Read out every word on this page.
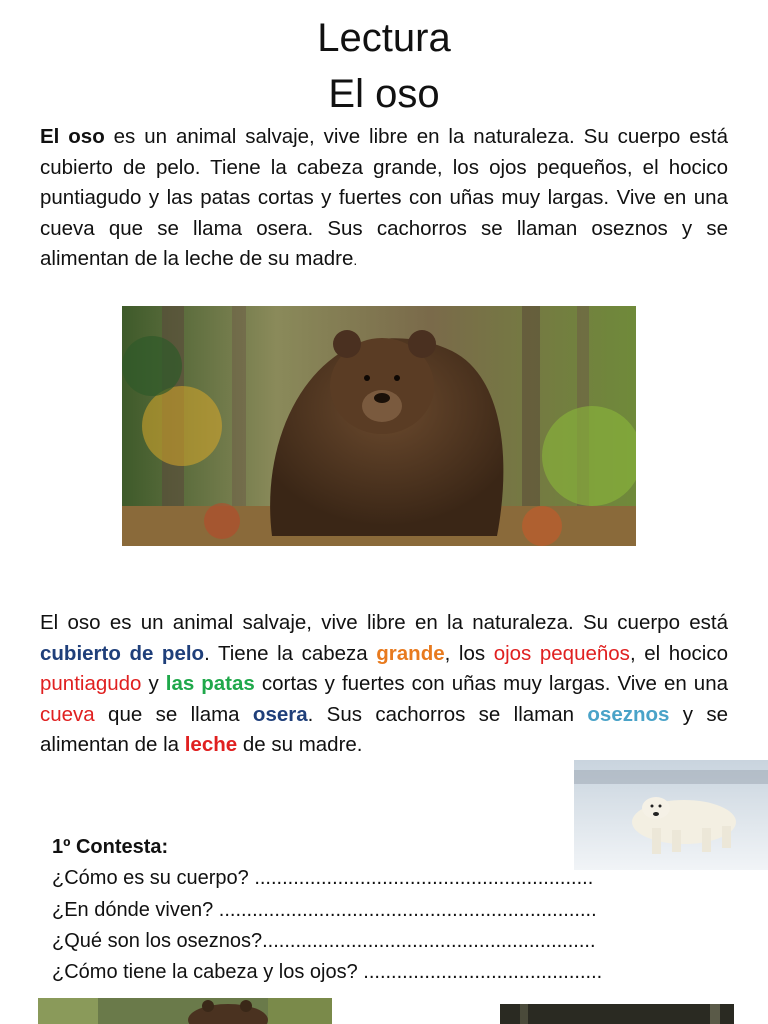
Lectura
El oso
El oso es un animal salvaje, vive libre en la naturaleza. Su cuerpo está cubierto de pelo. Tiene la cabeza grande, los ojos pequeños, el hocico puntiagudo y las patas cortas y fuertes con uñas muy largas. Vive en una cueva que se llama osera. Sus cachorros se llaman oseznos y se alimentan de la leche de su madre.
El oso es un animal salvaje, vive libre en la naturaleza. Su cuerpo está cubierto de pelo. Tiene la cabeza grande, los ojos pequeños, el hocico puntiagudo y las patas cortas y fuertes con uñas muy largas. Vive en una cueva que se llama osera. Sus cachorros se llaman oseznos y se alimentan de la leche de su madre.
1º Contesta:
¿Cómo es su cuerpo? .............................................................
¿En dónde viven? ....................................................................
¿Qué son los oseznos?............................................................
¿Cómo tiene la cabeza y los ojos? ...........................................
